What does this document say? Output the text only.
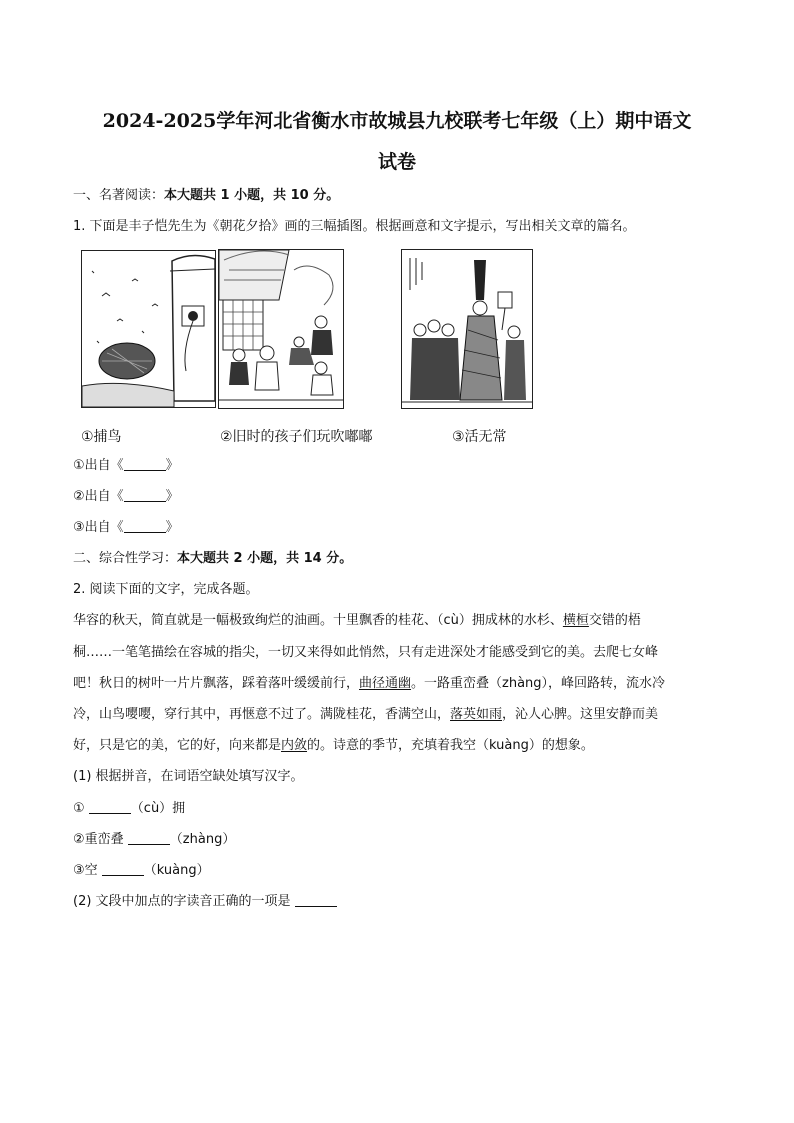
2024-2025学年河北省衡水市故城县九校联考七年级（上）期中语文
试卷
一、名著阅读：本大题共 1 小题，共 10 分。
1. 下面是丰子恺先生为《朝花夕拾》画的三幅插图。根据画意和文字提示，写出相关文章的篇名。
①捕鸟	②旧时的孩子们玩吹嘟嘟	③活无常
①出自《	》
②出自《	》
③出自《	》
二、综合性学习：本大题共 2 小题，共 14 分。
2. 阅读下面的文字，完成各题。
华容的秋天，简直就是一幅极致绚烂的油画。十里飘香的桂花、（cù）拥成林的水杉、横桓交错的梧
桐……一笔笔描绘在容城的指尖，一切又来得如此悄然，只有走进深处才能感受到它的美。去爬七女峰
吧！秋日的树叶一片片飘落，踩着落叶缓缓前行，曲径通幽。一路重峦叠（zhàng），峰回路转，流水冷
冷，山鸟嘤嘤，穿行其中，再惬意不过了。满陇桂花，香满空山，落英如雨，沁人心脾。这里安静而美
好，只是它的美，它的好，向来都是内敛的。诗意的季节，充填着我空（kuàng）的想象。
(1) 根据拼音，在词语空缺处填写汉字。
①	（cù）拥
②重峦叠	（zhàng）
③空	（kuàng）
(2) 文段中加点的字读音正确的一项是
